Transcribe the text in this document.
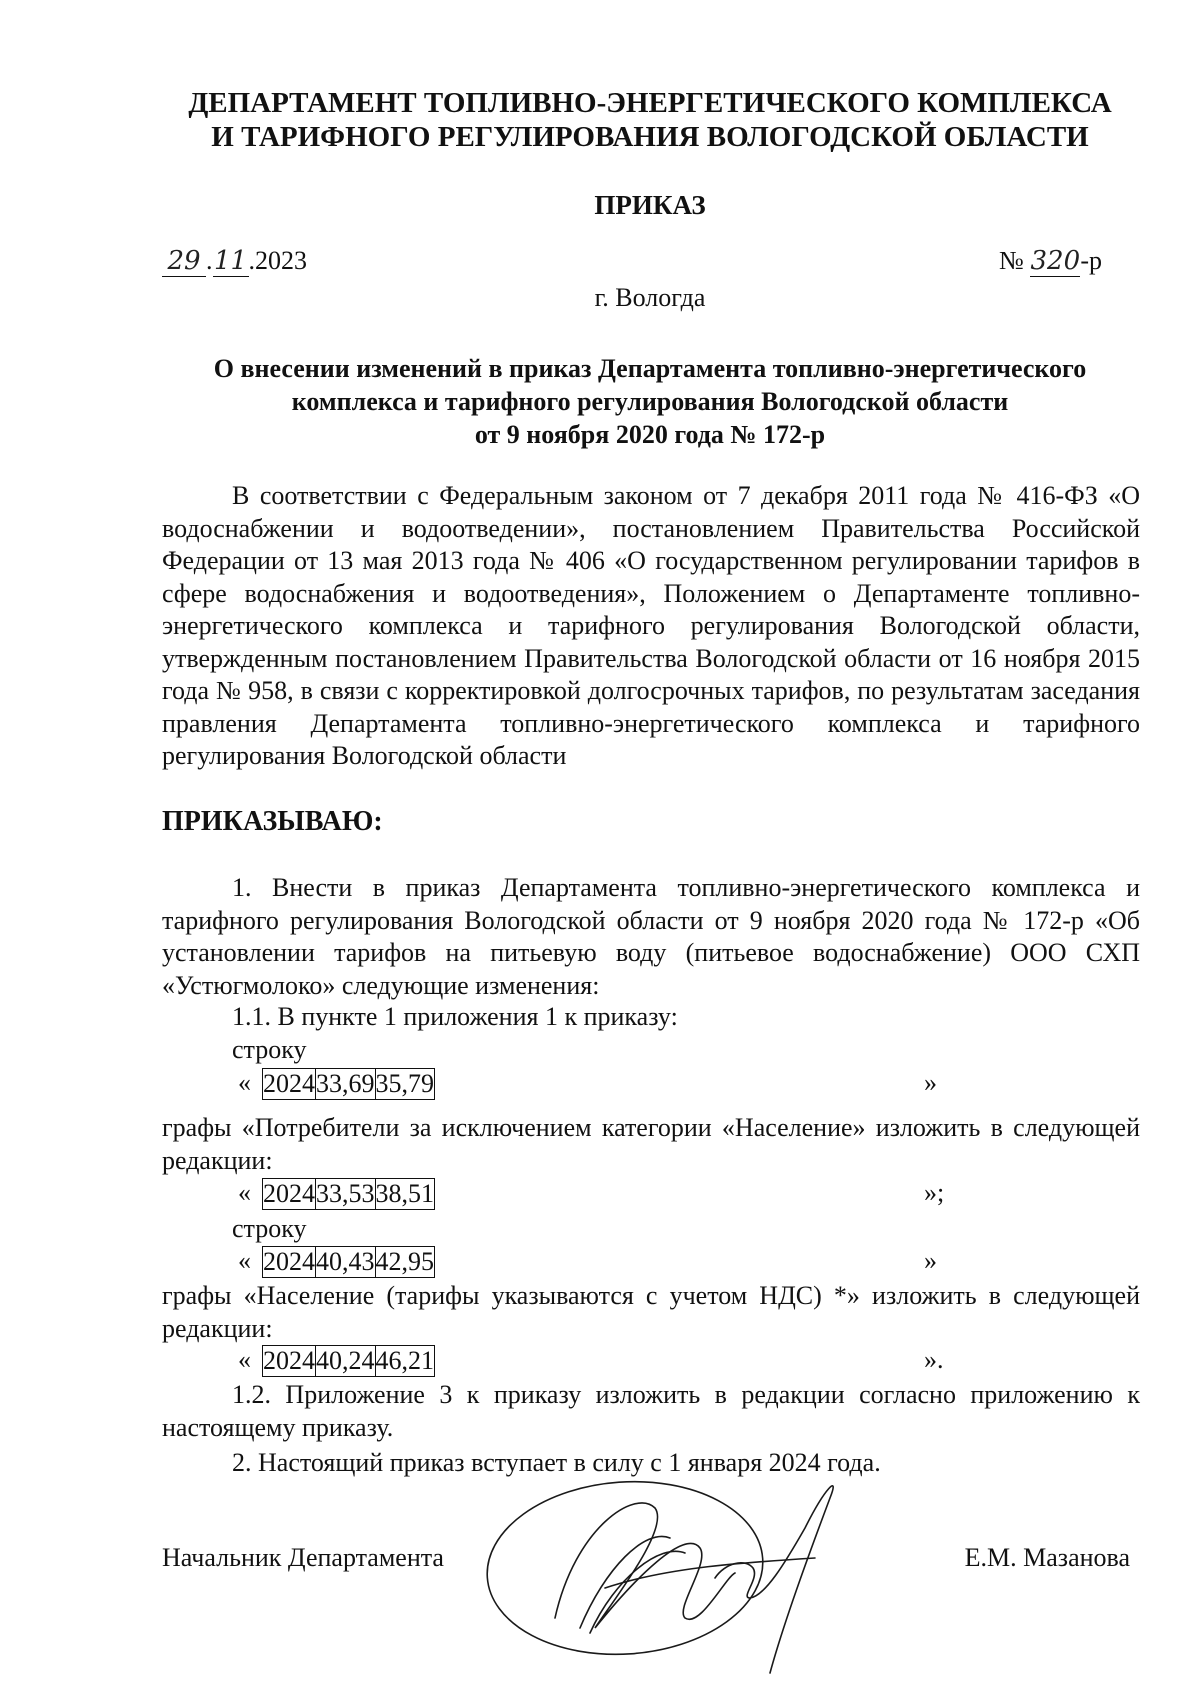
ДЕПАРТАМЕНТ ТОПЛИВНО-ЭНЕРГЕТИЧЕСКОГО КОМПЛЕКСА
И ТАРИФНОГО РЕГУЛИРОВАНИЯ ВОЛОГОДСКОЙ ОБЛАСТИ
ПРИКАЗ
29 .11.2023	№ 320-р
г. Вологда
О внесении изменений в приказ Департамента топливно-энергетического
комплекса и тарифного регулирования Вологодской области
от 9 ноября 2020 года № 172-р
В соответствии с Федеральным законом от 7 декабря 2011 года № 416-ФЗ «О водоснабжении и водоотведении», постановлением Правительства Российской Федерации от 13 мая 2013 года № 406 «О государственном регулировании тарифов в сфере водоснабжения и водоотведения», Положением о Департаменте топливно-энергетического комплекса и тарифного регулирования Вологодской области, утвержденным постановлением Правительства Вологодской области от 16 ноября 2015 года № 958, в связи с корректировкой долгосрочных тарифов, по результатам заседания правления Департамента топливно-энергетического комплекса и тарифного регулирования Вологодской области
ПРИКАЗЫВАЮ:
1. Внести в приказ Департамента топливно-энергетического комплекса и тарифного регулирования Вологодской области от 9 ноября 2020 года № 172-р «Об установлении тарифов на питьевую воду (питьевое водоснабжение) ООО СХП «Устюгмолоко» следующие изменения:
1.1. В пункте 1 приложения 1 к приказу:
строку
« 2024	33,69	35,79	»
графы «Потребители за исключением категории «Население» изложить в следующей редакции:
« 2024	33,53	38,51	»;
строку
« 2024	40,43	42,95	»
графы «Население (тарифы указываются с учетом НДС) *» изложить в следующей редакции:
« 2024	40,24	46,21	».
1.2. Приложение 3 к приказу изложить в редакции согласно приложению к настоящему приказу.
2. Настоящий приказ вступает в силу с 1 января 2024 года.
Начальник Департамента	Е.М. Мазанова
